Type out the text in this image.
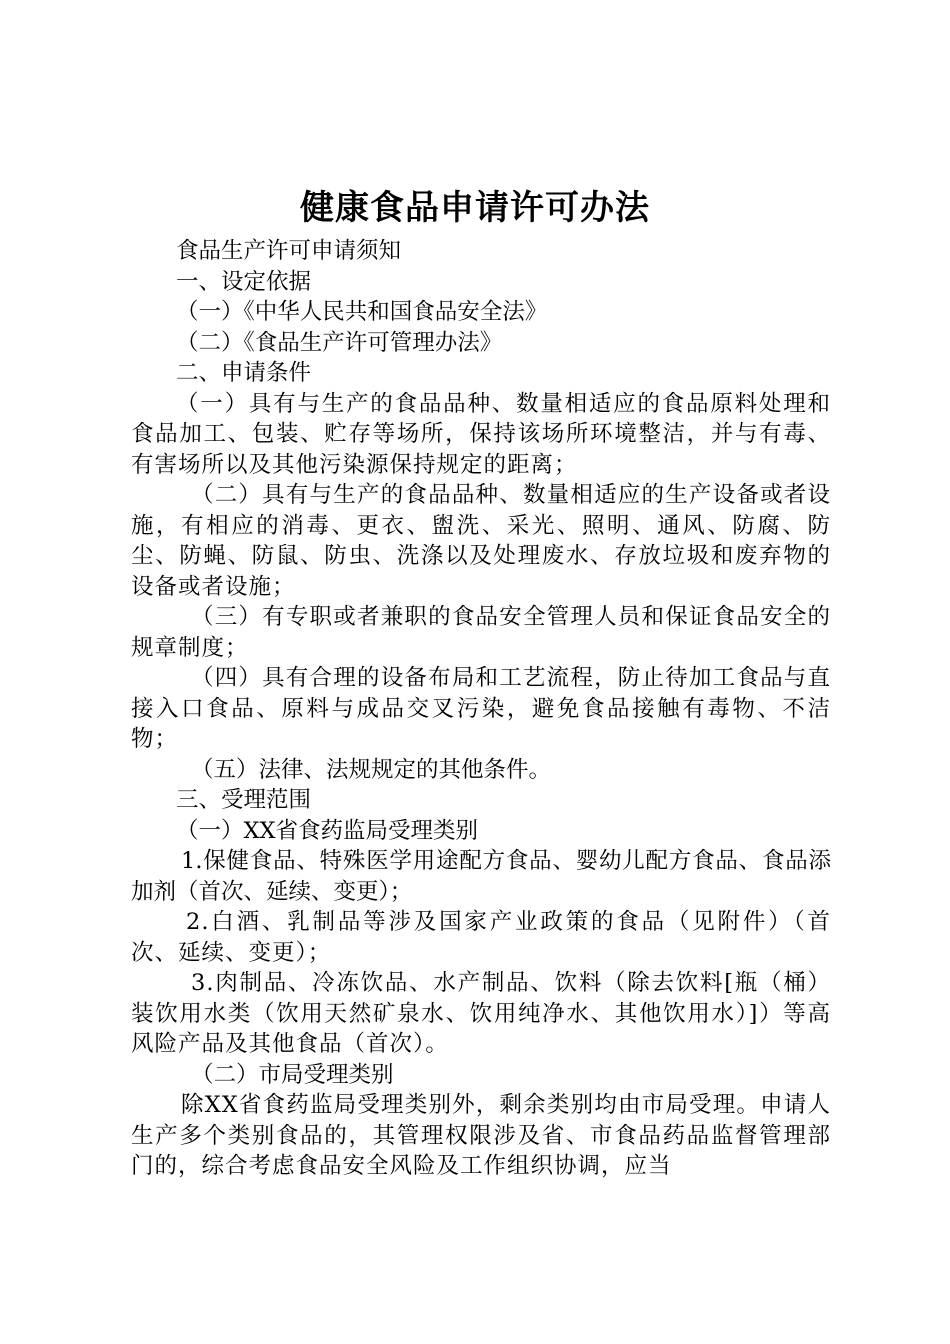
健康食品申请许可办法

食品生产许可申请须知

一、设定依据

（一）《中华人民共和国食品安全法》

（二）《食品生产许可管理办法》

二、申请条件

（一）具有与生产的食品品种、数量相适应的食品原料处理和食品加工、包装、贮存等场所，保持该场所环境整洁，并与有毒、有害场所以及其他污染源保持规定的距离；

（二）具有与生产的食品品种、数量相适应的生产设备或者设施，有相应的消毒、更衣、盥洗、采光、照明、通风、防腐、防尘、防蝇、防鼠、防虫、洗涤以及处理废水、存放垃圾和废弃物的设备或者设施；

（三）有专职或者兼职的食品安全管理人员和保证食品安全的规章制度；

（四）具有合理的设备布局和工艺流程，防止待加工食品与直接入口食品、原料与成品交叉污染，避免食品接触有毒物、不洁物；

（五）法律、法规规定的其他条件。

三、受理范围

（一）XX省食药监局受理类别

1.保健食品、特殊医学用途配方食品、婴幼儿配方食品、食品添加剂（首次、延续、变更）；

2.白酒、乳制品等涉及国家产业政策的食品（见附件）（首次、延续、变更）；

3.肉制品、冷冻饮品、水产制品、饮料（除去饮料[瓶（桶）装饮用水类（饮用天然矿泉水、饮用纯净水、其他饮用水）]）等高风险产品及其他食品（首次）。

（二）市局受理类别

除XX省食药监局受理类别外，剩余类别均由市局受理。申请人生产多个类别食品的，其管理权限涉及省、市食品药品监督管理部门的，综合考虑食品安全风险及工作组织协调，应当
